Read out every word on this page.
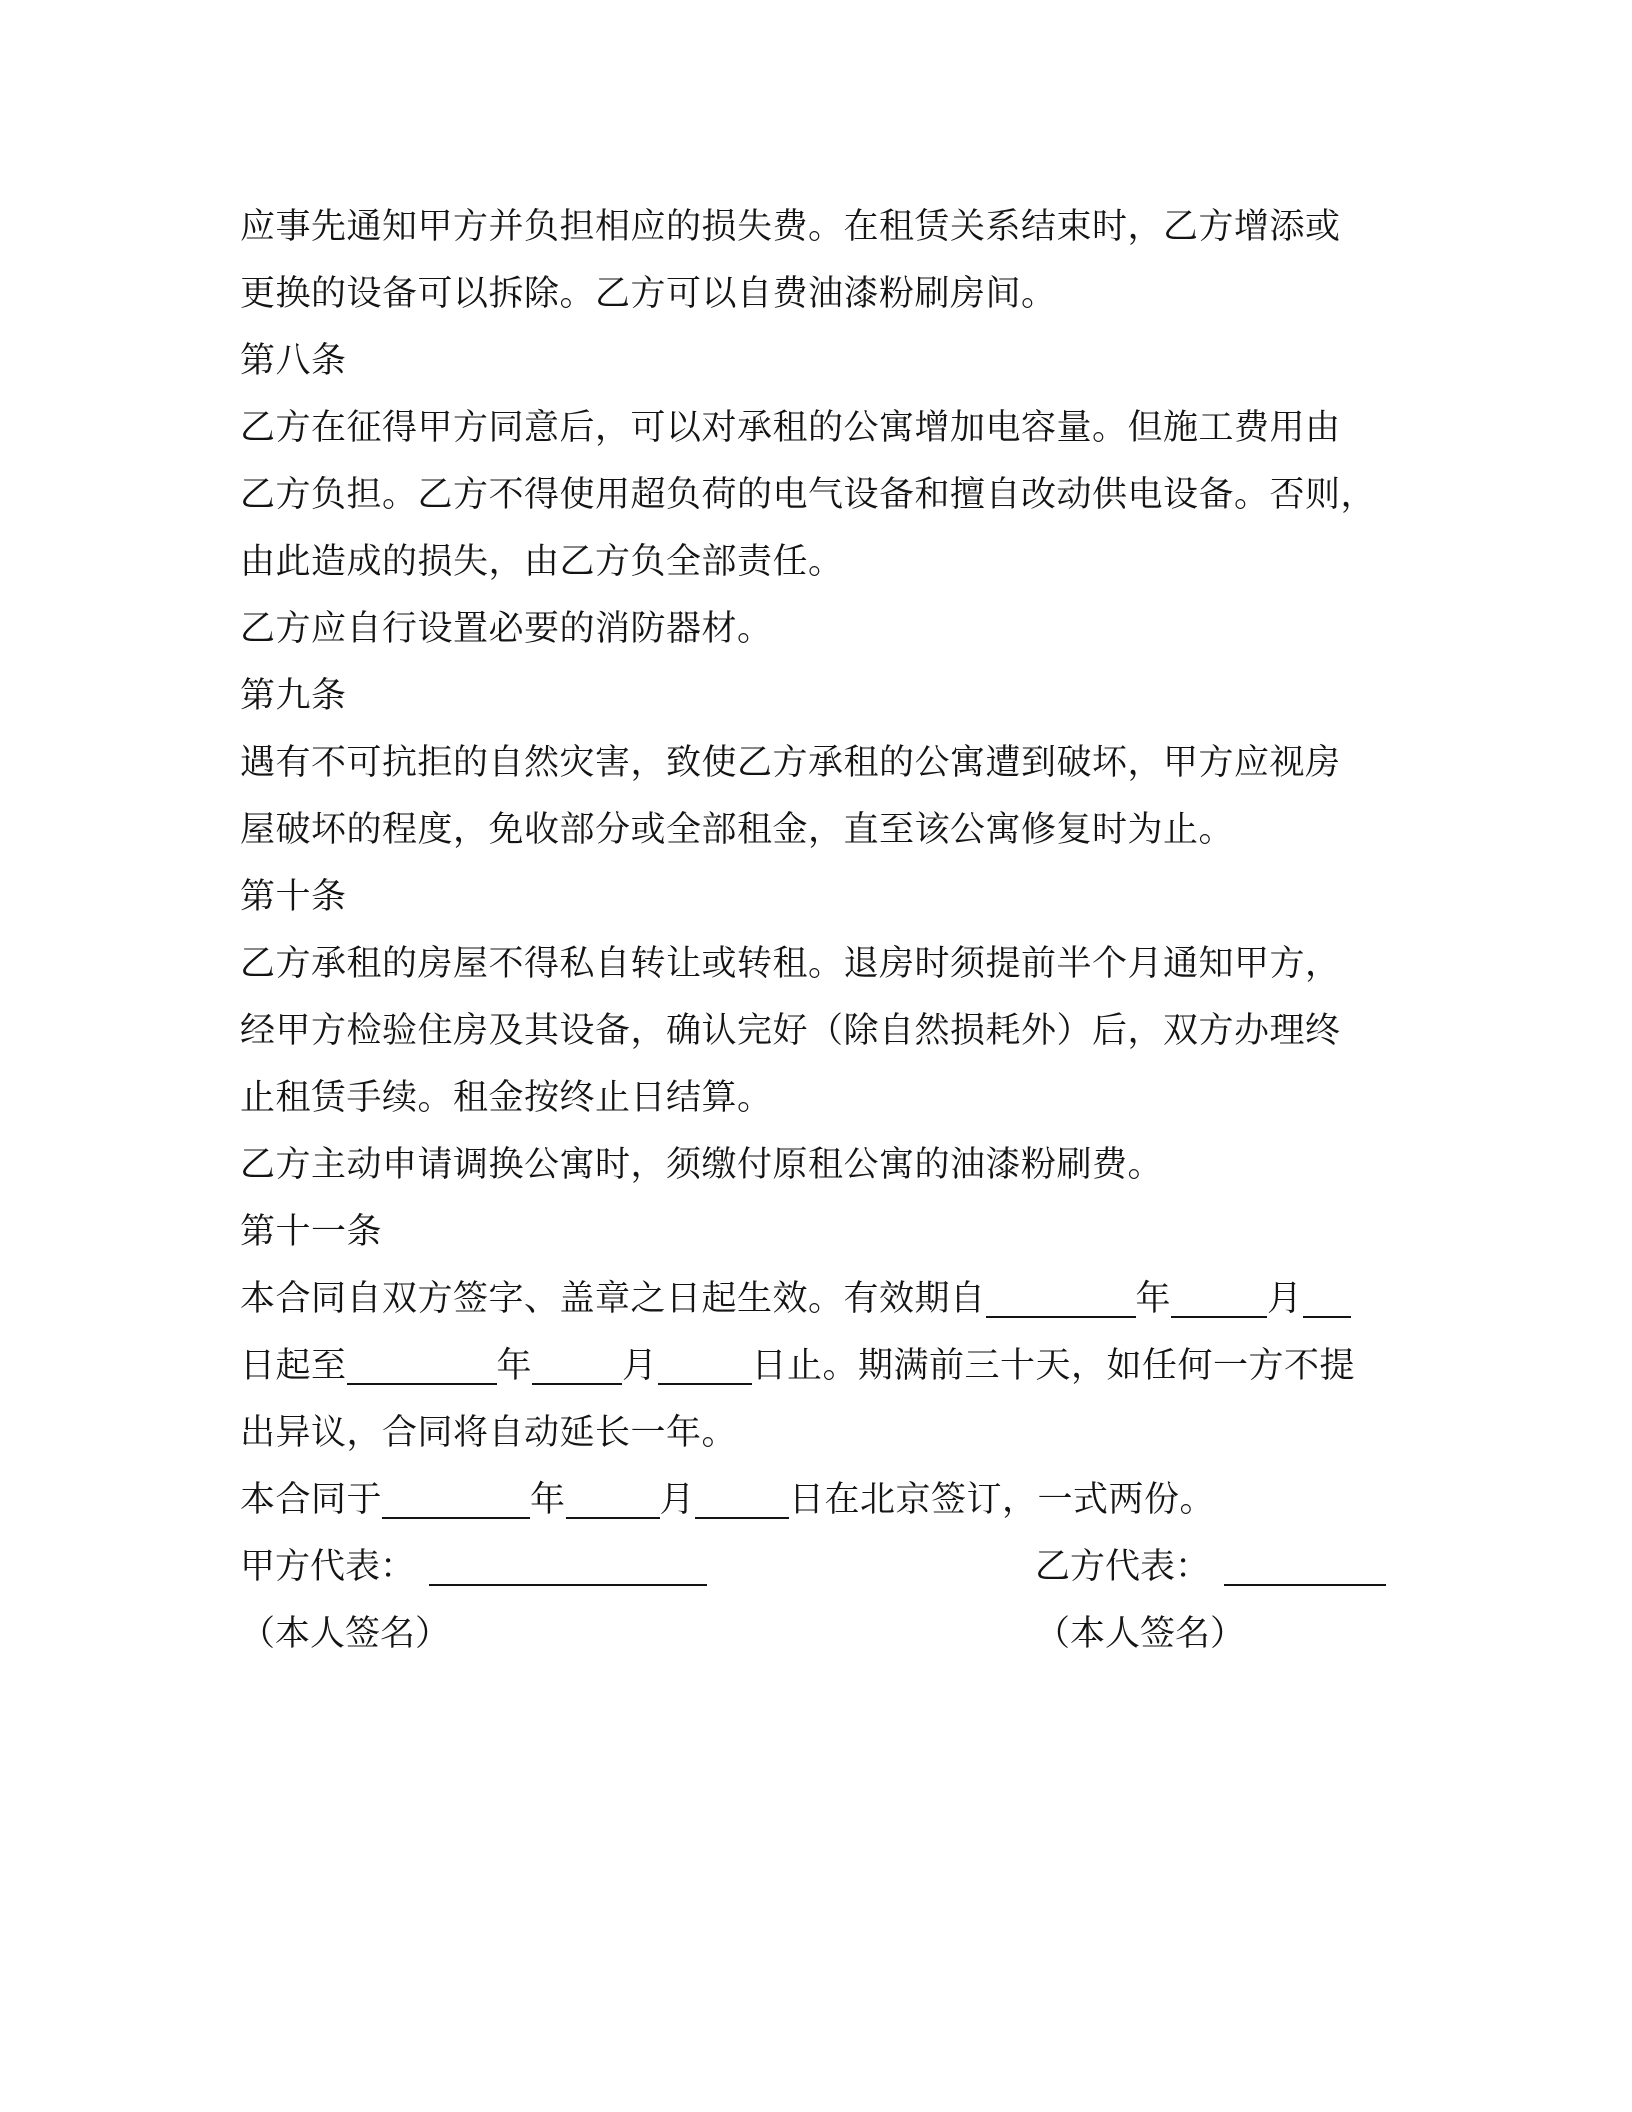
应事先通知甲方并负担相应的损失费。在租赁关系结束时，乙方增添或
更换的设备可以拆除。乙方可以自费油漆粉刷房间。
第八条
乙方在征得甲方同意后，可以对承租的公寓增加电容量。但施工费用由
乙方负担。乙方不得使用超负荷的电气设备和擅自改动供电设备。否则，
由此造成的损失，由乙方负全部责任。
乙方应自行设置必要的消防器材。
第九条
遇有不可抗拒的自然灾害，致使乙方承租的公寓遭到破坏，甲方应视房
屋破坏的程度，免收部分或全部租金，直至该公寓修复时为止。
第十条
乙方承租的房屋不得私自转让或转租。退房时须提前半个月通知甲方，
经甲方检验住房及其设备，确认完好（除自然损耗外）后，双方办理终
止租赁手续。租金按终止日结算。
乙方主动申请调换公寓时，须缴付原租公寓的油漆粉刷费。
第十一条
本合同自双方签字、盖章之日起生效。有效期自	年	月
日起至	年	月	日止。期满前三十天，如任何一方不提
出异议，合同将自动延长一年。
本合同于	年	月	日在北京签订，一式两份。
甲方代表：	乙方代表：
（本人签名）	（本人签名）
